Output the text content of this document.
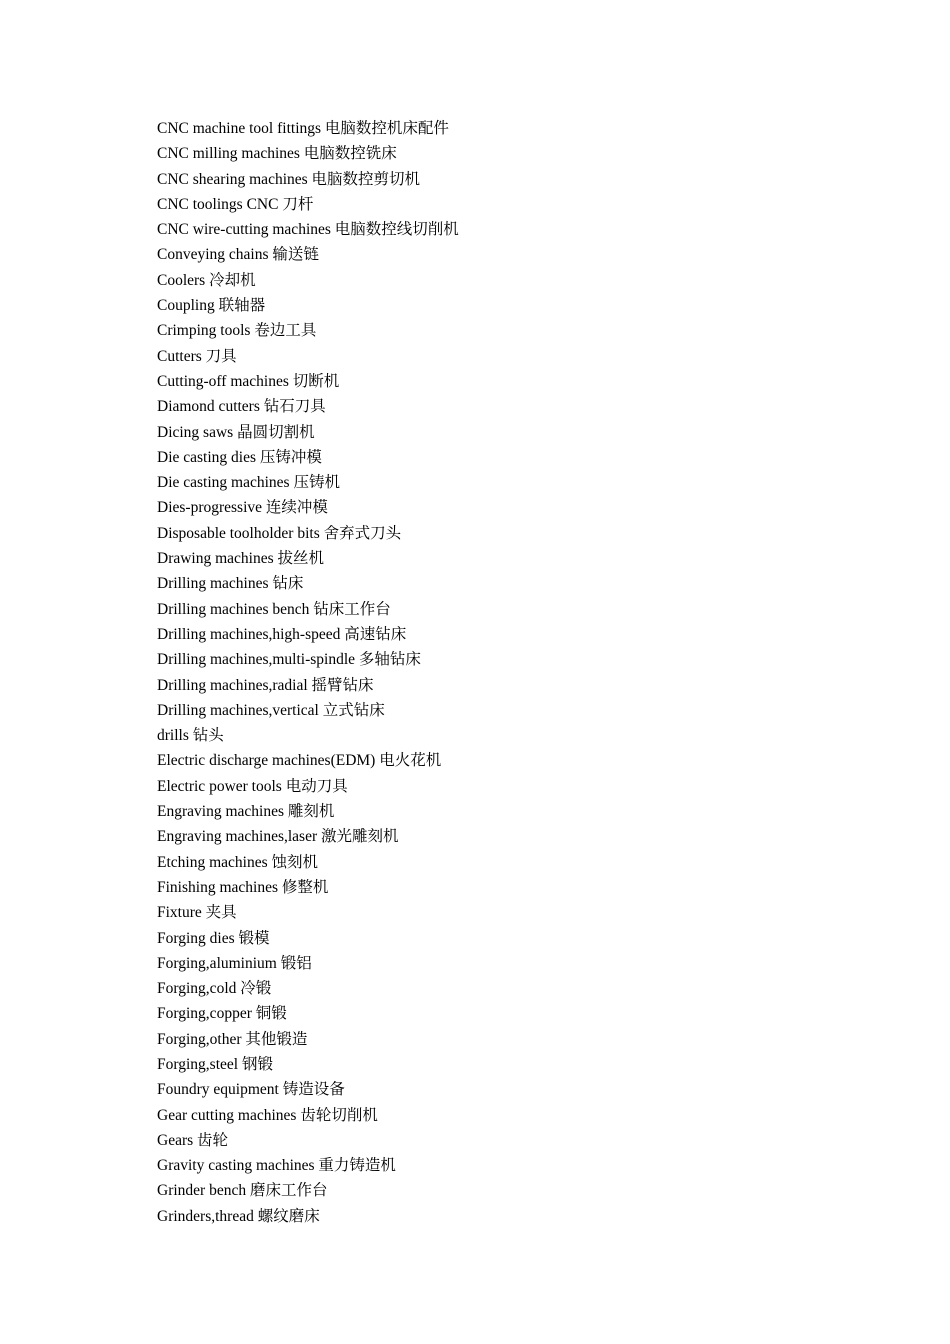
CNC machine tool fittings 电脑数控机床配件
CNC milling machines 电脑数控铣床
CNC shearing machines 电脑数控剪切机
CNC toolings CNC 刀杆
CNC wire-cutting machines 电脑数控线切削机
Conveying chains 输送链
Coolers 冷却机
Coupling 联轴器
Crimping tools 卷边工具
Cutters 刀具
Cutting-off machines 切断机
Diamond cutters 钻石刀具
Dicing saws 晶圆切割机
Die casting dies 压铸冲模
Die casting machines 压铸机
Dies-progressive 连续冲模
Disposable toolholder bits 舍弃式刀头
Drawing machines 拔丝机
Drilling machines 钻床
Drilling machines bench 钻床工作台
Drilling machines,high-speed 高速钻床
Drilling machines,multi-spindle 多轴钻床
Drilling machines,radial 摇臂钻床
Drilling machines,vertical 立式钻床
drills 钻头
Electric discharge machines(EDM) 电火花机
Electric power tools 电动刀具
Engraving machines 雕刻机
Engraving machines,laser 激光雕刻机
Etching machines 蚀刻机
Finishing machines 修整机
Fixture 夹具
Forging dies 锻模
Forging,aluminium 锻铝
Forging,cold 冷锻
Forging,copper 铜锻
Forging,other 其他锻造
Forging,steel 钢锻
Foundry equipment 铸造设备
Gear cutting machines 齿轮切削机
Gears 齿轮
Gravity casting machines 重力铸造机
Grinder bench 磨床工作台
Grinders,thread 螺纹磨床
